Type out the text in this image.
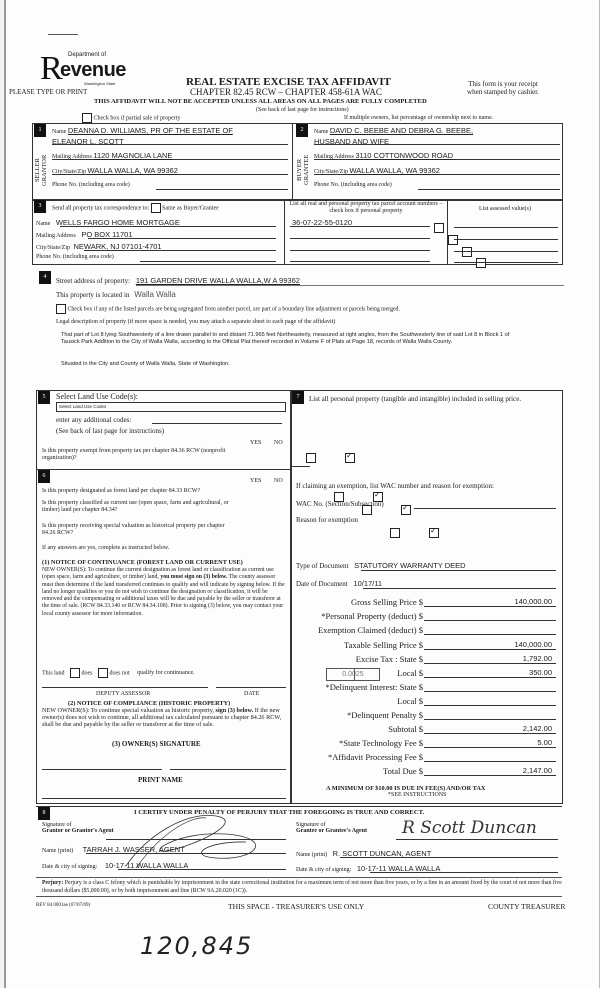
R Department of
evenue
Washington State
PLEASE TYPE OR PRINT
REAL ESTATE EXCISE TAX AFFIDAVIT
CHAPTER 82.45 RCW – CHAPTER 458-61A WAC
This form is your receipt
when stamped by cashier.
THIS AFFIDAVIT WILL NOT BE ACCEPTED UNLESS ALL AREAS ON ALL PAGES ARE FULLY COMPLETED
(See back of last page for instructions)
Check box if partial sale of property	If multiple owners, list percentage of ownership next to name.
1
SELLER
GRANTOR
Name DEANNA D. WILLIAMS, PR OF THE ESTATE OF
ELEANOR L. SCOTT
Mailing Address 1120 MAGNOLIA LANE
City/State/Zip WALLA WALLA, WA 99362
Phone No. (including area code)
2
BUYER
GRANTEE
Name DAVID C. BEEBE AND DEBRA G. BEEBE,
HUSBAND AND WIFE
Mailing Address 3110 COTTONWOOD ROAD
City/State/Zip WALLA WALLA, WA 99362
Phone No. (including area code)
3	Send all property tax correspondence to: Same as Buyer/Grantee
Name WELLS FARGO HOME MORTGAGE
Mailing Address PO BOX 11701
City/State/Zip NEWARK, NJ 07101-4701
Phone No. (including area code)
List all real and personal property tax parcel account numbers – check box if personal property	List assessed value(s)
36-07-22-55-0120

4	Street address of property: 191 GARDEN DRIVE WALLA WALLA,W A 99362
This property is located in Walla Walla
Check box if any of the listed parcels are being segregated from another parcel, are part of a boundary line adjustment or parcels being merged.
Legal description of property (if more space is needed, you may attach a separate sheet to each page of the affidavit)
That part of Lot 8 lying Southwesterly of a line drawn parallel to and distant 71.965 feet Northeasterly, measured at right angles, from the Southwesterly line of said Lot 8 in Block 1 of Tausick Park Addition to the City of Walla Walla, according to the Official Plat thereof recorded in Volume F of Plats at Page 18, records of Walla Walla County.
Situated in the City and County of Walla Walla, State of Washington.
5	Select Land Use Code(s):
Select Land Use Codes
enter any additional codes:
(See back of last page for instructions)
YES NO
Is this property exempt from property tax per chapter 84.36 RCW (nonprofit organization)?
✓
6
YES NO
Is this property designated as forest land per chapter 84.33 RCW?
✓
Is this property classified as current use (open space, farm and agricultural, or timber) land per chapter 84.34?
✓
Is this property receiving special valuation as historical property per chapter 84.26 RCW?
✓
If any answers are yes, complete as instructed below.
(1) NOTICE OF CONTINUANCE (FOREST LAND OR CURRENT USE)
NEW OWNER(S): To continue the current designation as forest land or classification as current use (open space, farm and agriculture, or timber) land, you must sign on (3) below. The county assessor must then determine if the land transferred continues to qualify and will indicate by signing below. If the land no longer qualifies or you do not wish to continue the designation or classification, it will be removed and the compensating or additional taxes will be due and payable by the seller or transferor at the time of sale. (RCW 84.33.140 or RCW 84.34.108). Prior to signing (3) below, you may contact your local county assessor for more information.
This land	does	does not qualify for continuance.
DEPUTY ASSESSOR	DATE
(2) NOTICE OF COMPLIANCE (HISTORIC PROPERTY)
NEW OWNER(S): To continue special valuation as historic property, sign (3) below. If the new owner(s) does not wish to continue, all additional tax calculated pursuant to chapter 84.26 RCW, shall be due and payable by the seller or transferor at the time of sale.
(3) OWNER(S) SIGNATURE
PRINT NAME
7	List all personal property (tangible and intangible) included in selling price.
If claiming an exemption, list WAC number and reason for exemption:
WAC No. (Section/Subsection)
Reason for exemption
Type of Document STATUTORY WARRANTY DEED
Date of Document 10/17/11
0.0025
Gross Selling Price $	140,000.00
*Personal Property (deduct) $
Exemption Claimed (deduct) $
Taxable Selling Price $	140,000.00
Excise Tax : State $	1,792.00
Local $	350.00
*Delinquent Interest: State $
Local $
*Delinquent Penalty $
Subtotal $	2,142.00
*State Technology Fee $	5.00
*Affidavit Processing Fee $
Total Due $	2,147.00
A MINIMUM OF $10.00 IS DUE IN FEE(S) AND/OR TAX
*SEE INSTRUCTIONS
8	I CERTIFY UNDER PENALTY OF PERJURY THAT THE FOREGOING IS TRUE AND CORRECT.
Signature of
Grantor or Grantor's Agent
Name (print) TARRAH J. WASSER, AGENT
Date & city of signing: 10-17-11 WALLA WALLA
Signature of
Grantee or Grantee's Agent R Scott Duncan
Name (print) R. SCOTT DUNCAN, AGENT
Date & city of signing: 10-17-11 WALLA WALLA
Perjury: Perjury is a class C felony which is punishable by imprisonment in the state correctional institution for a maximum term of not more than five years, or by a fine in an amount fixed by the court of not more than five thousand dollars ($5,000.00), or by both imprisonment and fine (RCW 9A.20.020 (1C)).
REV 84 0001ae (07/07/09)	THIS SPACE - TREASURER'S USE ONLY	COUNTY TREASURER
120,845
